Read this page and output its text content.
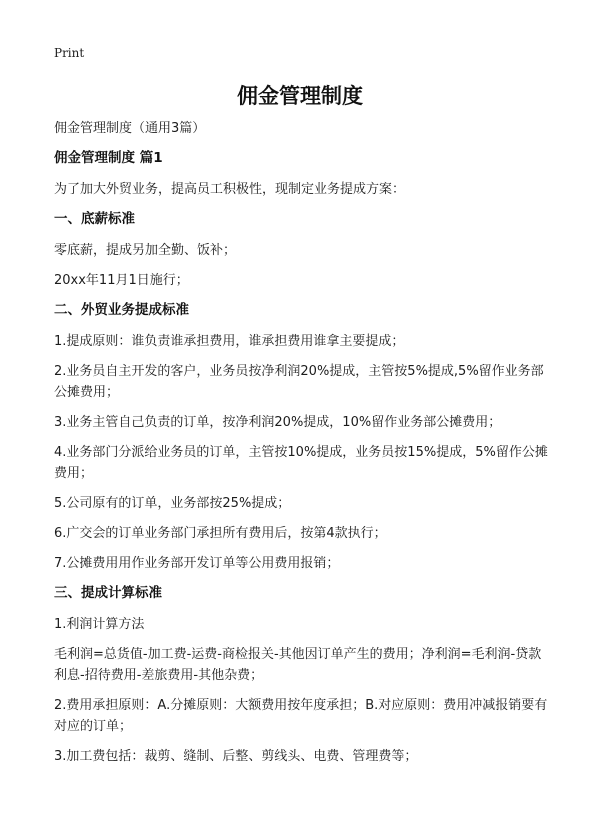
Print
佣金管理制度

佣金管理制度（通用3篇）

佣金管理制度 篇1

为了加大外贸业务，提高员工积极性，现制定业务提成方案：

一、底薪标准

零底薪，提成另加全勤、饭补；

20xx年11月1日施行；

二、外贸业务提成标准

1.提成原则：谁负责谁承担费用，谁承担费用谁拿主要提成；

2.业务员自主开发的客户，业务员按净利润20%提成，主管按5%提成,5%留作业务部公摊费用；

3.业务主管自己负责的订单，按净利润20%提成，10%留作业务部公摊费用；

4.业务部门分派给业务员的订单，主管按10%提成，业务员按15%提成，5%留作公摊费用；

5.公司原有的订单，业务部按25%提成；

6.广交会的订单业务部门承担所有费用后，按第4款执行；

7.公摊费用用作业务部开发订单等公用费用报销；

三、提成计算标准

1.利润计算方法

毛利润=总货值-加工费-运费-商检报关-其他因订单产生的费用；净利润=毛利润-贷款利息-招待费用-差旅费用-其他杂费；

2.费用承担原则：A.分摊原则：大额费用按年度承担；B.对应原则：费用冲减报销要有对应的订单；

3.加工费包括：裁剪、缝制、后整、剪线头、电费、管理费等；
